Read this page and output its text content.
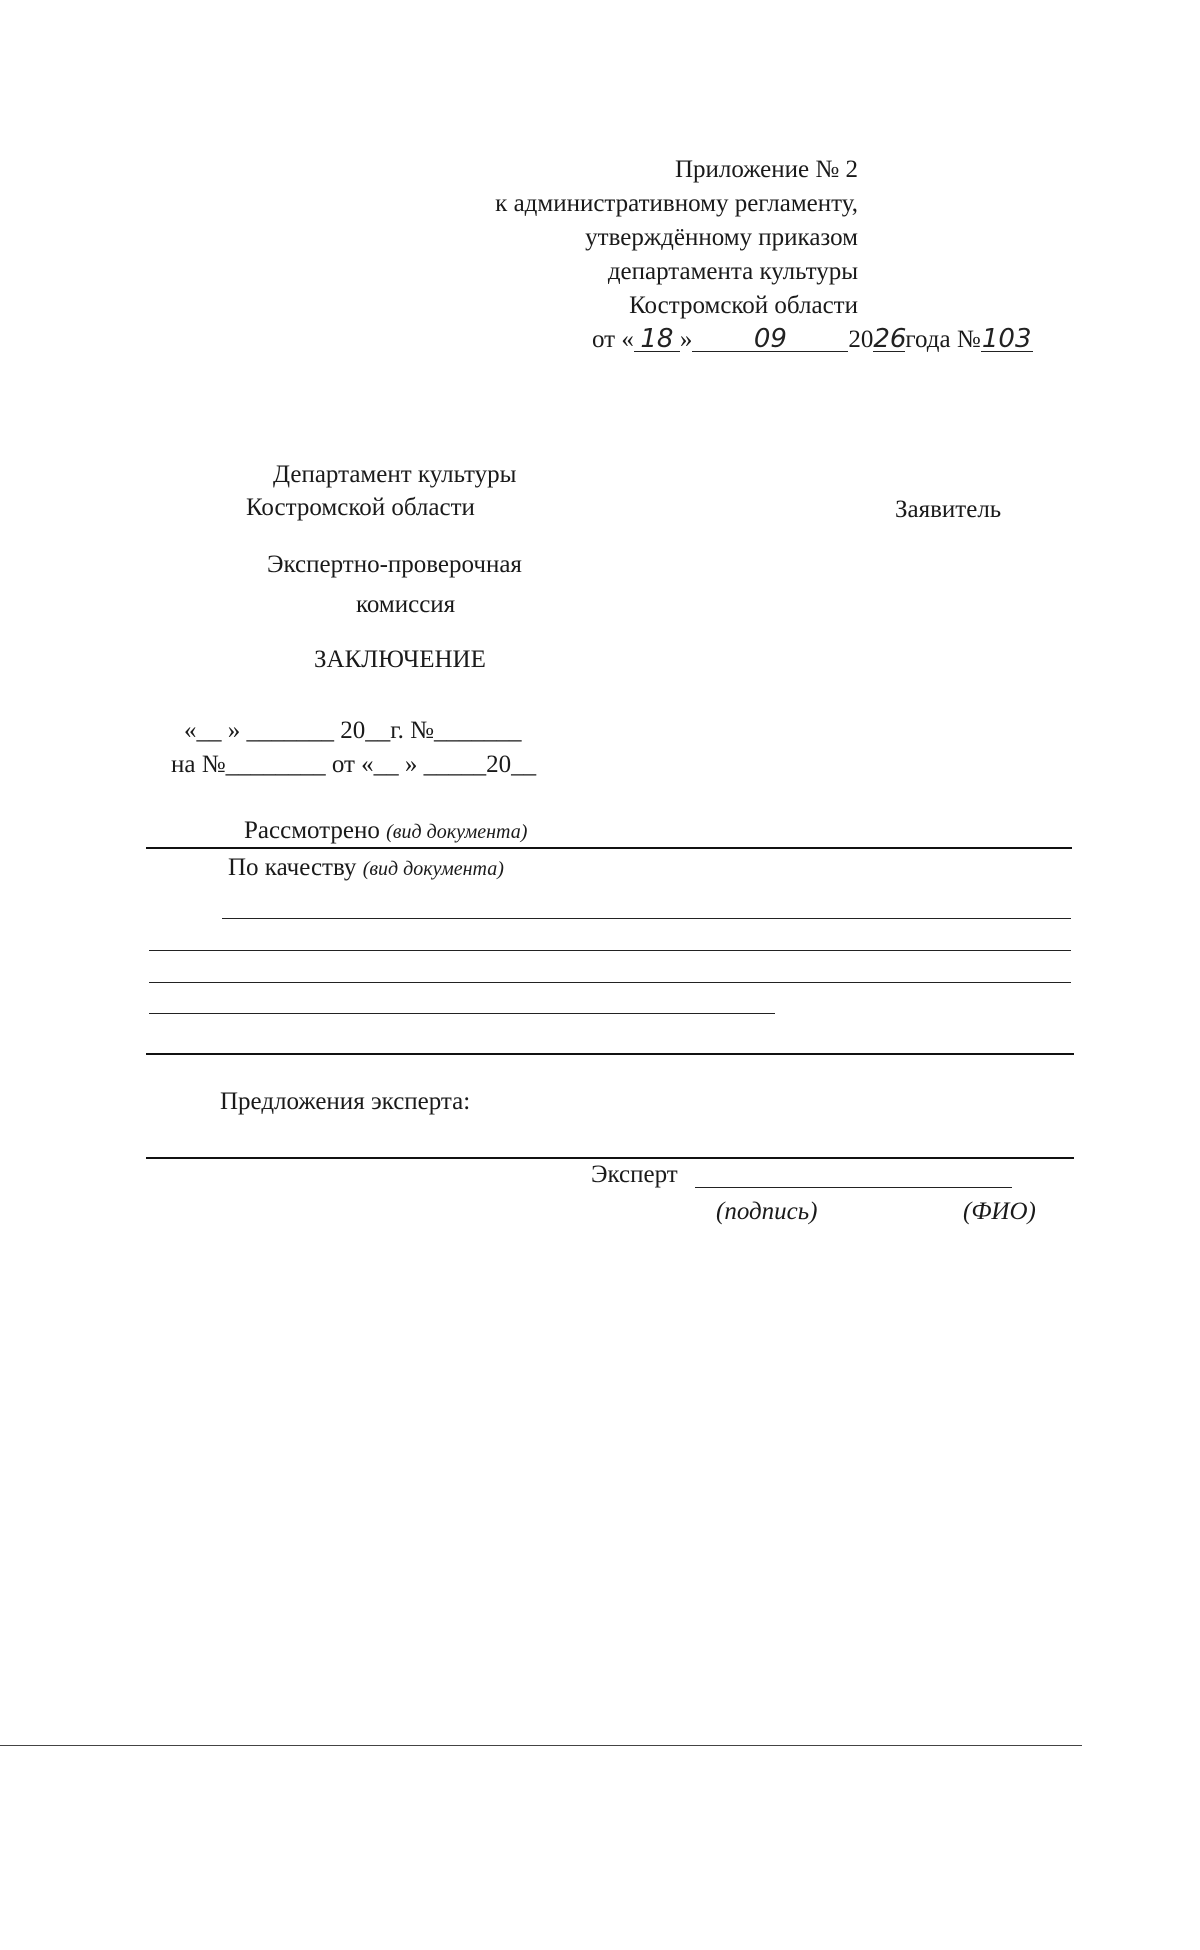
Приложение № 2
к административному регламенту,
утверждённому приказом
департамента культуры
Костромской области
от « 18 » 09 2026года №103
Департамент культуры
Костромской области	Заявитель
Экспертно-проверочная
комиссия
ЗАКЛЮЧЕНИЕ
«__ » _______ 20__г. №_______
на №________ от «__ » _____20__
Рассмотрено (вид документа)
По качеству (вид документа)
Предложения эксперта:
Эксперт
(подпись)	(ФИО)
